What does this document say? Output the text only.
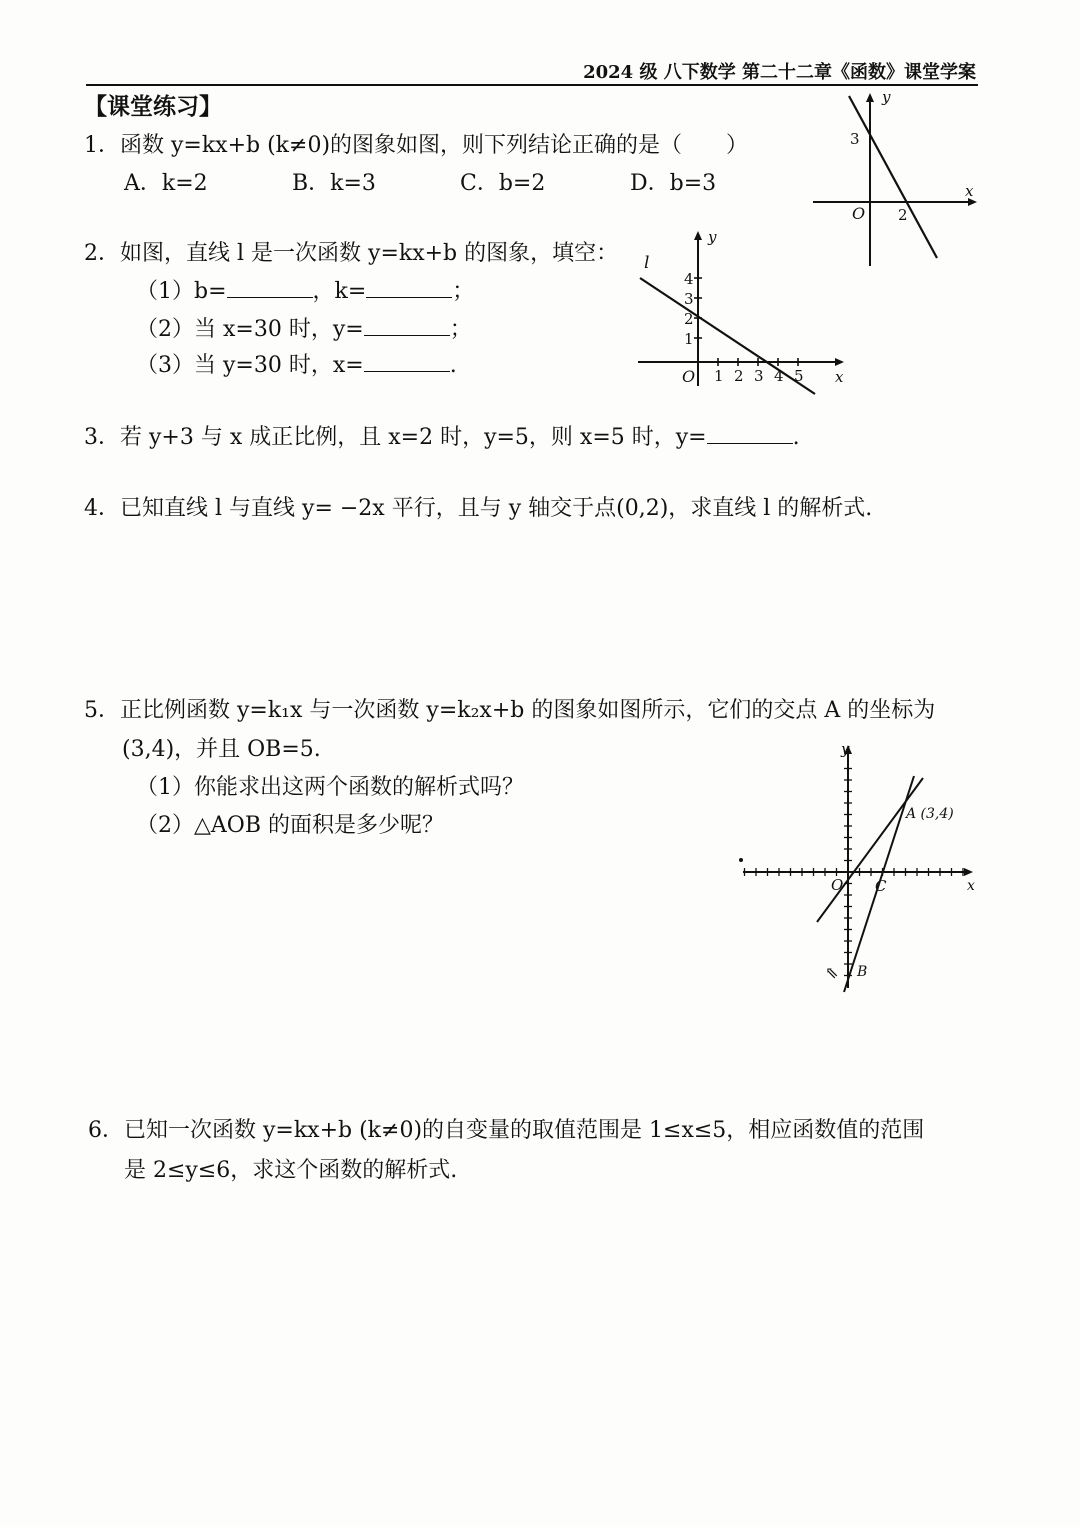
2024 级 八下数学 第二十二章《函数》课堂学案
【课堂练习】
1．函数 y=kx+b (k≠0)的图象如图，则下列结论正确的是（　　）
A．k=2	B．k=3	C．b=2	D．b=3
y
x
O
3
2
2．如图，直线 l 是一次函数 y=kx+b 的图象，填空：
（1）b=	，k=	；
（2）当 x=30 时，y=	；
（3）当 y=30 时，x=	.	1 2 3 4 5
1
2
3
4
l
y
x
O
3．若 y+3 与 x 成正比例，且 x=2 时，y=5，则 x=5 时，y=	.
4．已知直线 l 与直线 y= −2x 平行，且与 y 轴交于点(0,2)，求直线 l 的解析式.
5．正比例函数 y=k₁x 与一次函数 y=k₂x+b 的图象如图所示，它们的交点 A 的坐标为
(3,4)，并且 OB=5.
（1）你能求出这两个函数的解析式吗？
（2）△AOB 的面积是多少呢？
y
x
O C
A (3,4)
B
⇖
6．已知一次函数 y=kx+b (k≠0)的自变量的取值范围是 1≤x≤5，相应函数值的范围
是 2≤y≤6，求这个函数的解析式.
